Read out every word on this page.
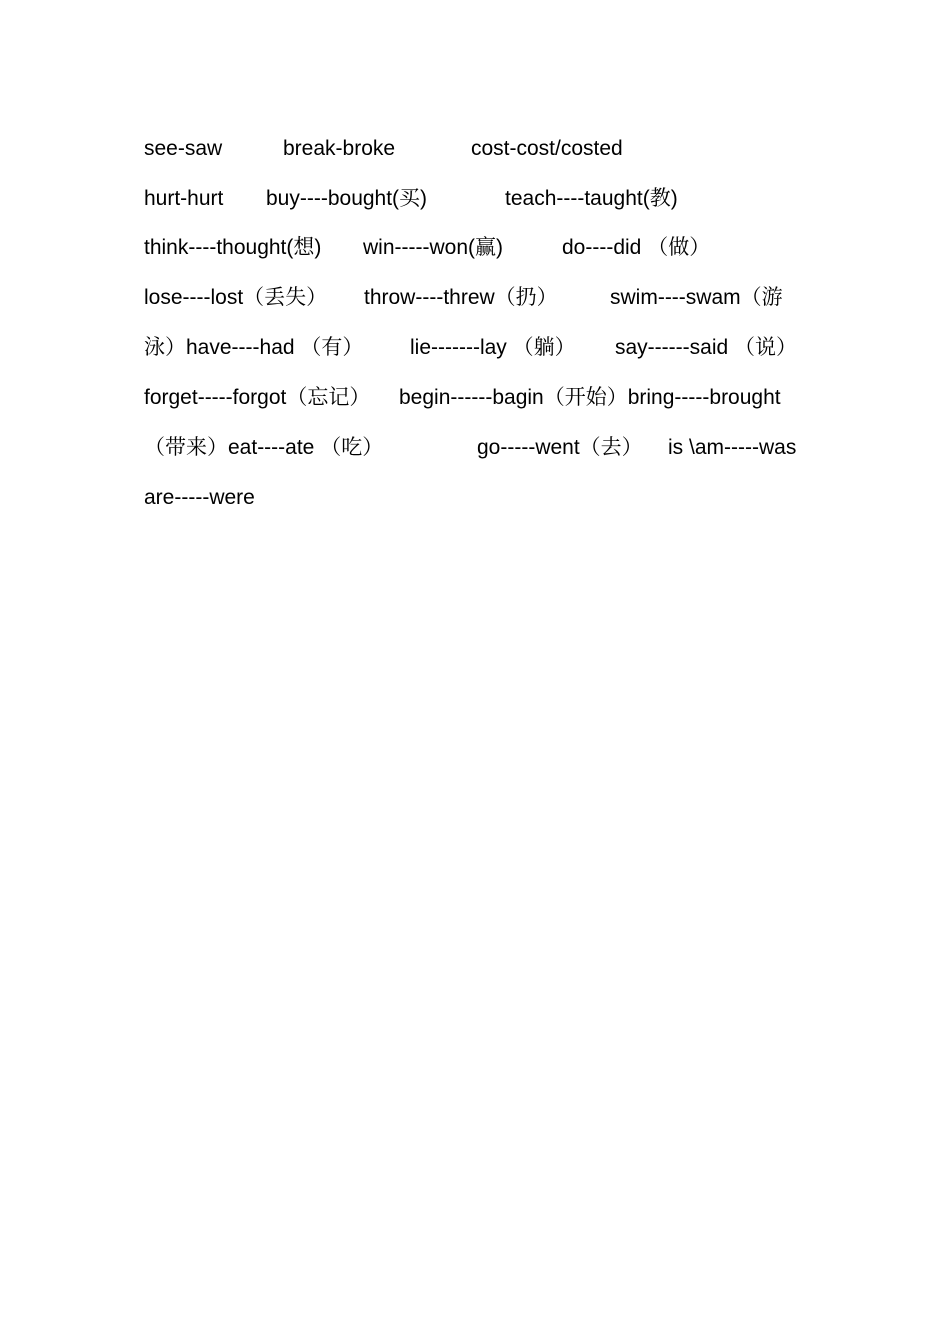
see-saw	break-broke	cost-cost/costed
hurt-hurt buy----bought(买)	teach----taught(教)
think----thought(想) win-----won(赢)	do----did （做）
lose----lost（丢失） throw----threw（扔） swim----swam（游
泳）have----had （有） lie-------lay （躺） say------said （说）
forget-----forgot（忘记） begin------bagin（开始）bring-----brought
（带来）eat----ate （吃）	go-----went（去） is \am-----was
are-----were
